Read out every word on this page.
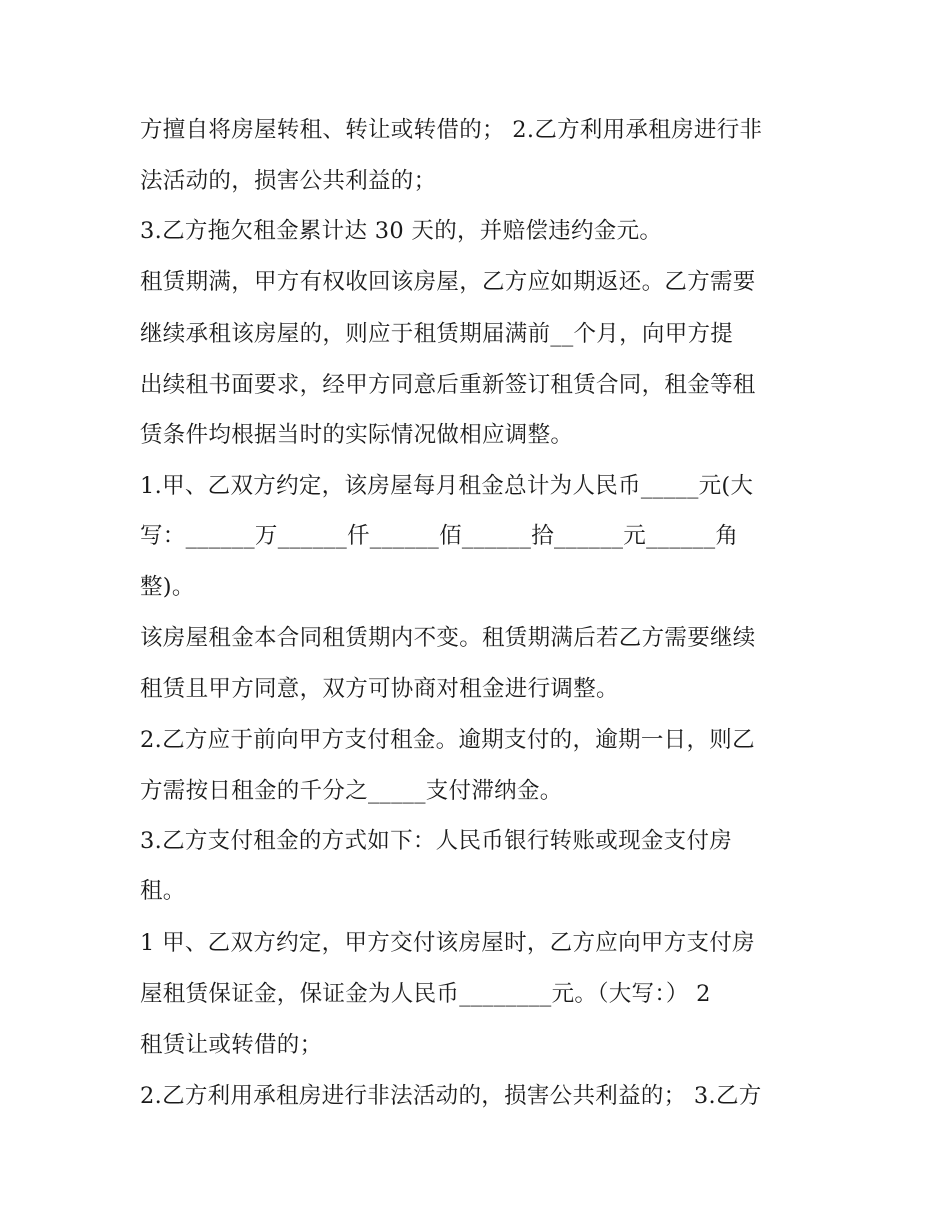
方擅自将房屋转租、转让或转借的； 2.乙方利用承租房进行非
法活动的，损害公共利益的；
3.乙方拖欠租金累计达 30 天的，并赔偿违约金元。
租赁期满，甲方有权收回该房屋，乙方应如期返还。乙方需要
继续承租该房屋的，则应于租赁期届满前__个月，向甲方提
出续租书面要求，经甲方同意后重新签订租赁合同，租金等租
赁条件均根据当时的实际情况做相应调整。
1.甲、乙双方约定，该房屋每月租金总计为人民币_____元(大
写：______万______仟______佰______拾______元______角
整)。
该房屋租金本合同租赁期内不变。租赁期满后若乙方需要继续
租赁且甲方同意，双方可协商对租金进行调整。
2.乙方应于前向甲方支付租金。逾期支付的，逾期一日，则乙
方需按日租金的千分之_____支付滞纳金。
3.乙方支付租金的方式如下：人民币银行转账或现金支付房
租。
1 甲、乙双方约定，甲方交付该房屋时，乙方应向甲方支付房
屋租赁保证金，保证金为人民币________元。（大写：） 2
租赁让或转借的；
2.乙方利用承租房进行非法活动的，损害公共利益的； 3.乙方
